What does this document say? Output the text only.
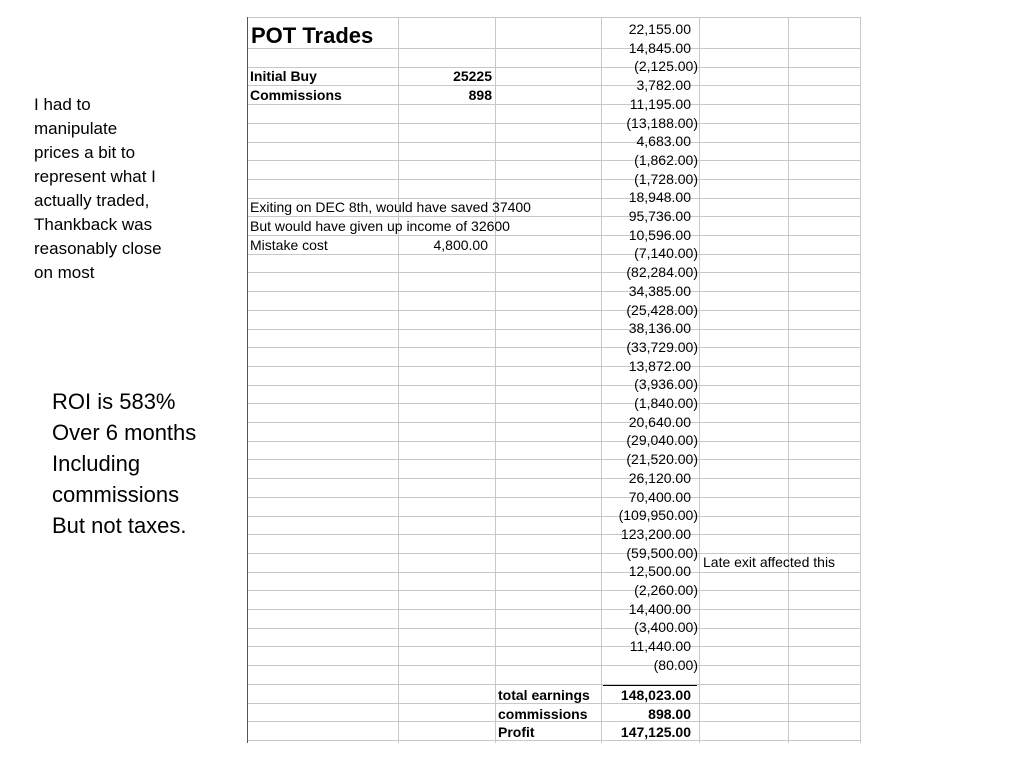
I had to
manipulate
prices a bit to
represent what I
actually traded,
Thankback was
reasonably close
on most
ROI is 583%
Over 6 months
Including
commissions
But not taxes.
POT Trades
Initial Buy	25225
Commissions	898
Exiting on DEC 8th, would have saved 37400
But would have given up income of 32600
Mistake cost	4,800.00
Late exit affected this
total earnings	148,023.00
commissions	898.00
Profit	147,125.00
22,155.00
14,845.00
(2,125.00)
3,782.00
11,195.00
(13,188.00)
4,683.00
(1,862.00)
(1,728.00)
18,948.00
95,736.00
10,596.00
(7,140.00)
(82,284.00)
34,385.00
(25,428.00)
38,136.00
(33,729.00)
13,872.00
(3,936.00)
(1,840.00)
20,640.00
(29,040.00)
(21,520.00)
26,120.00
70,400.00
(109,950.00)
123,200.00
(59,500.00)
12,500.00
(2,260.00)
14,400.00
(3,400.00)
11,440.00
(80.00)
